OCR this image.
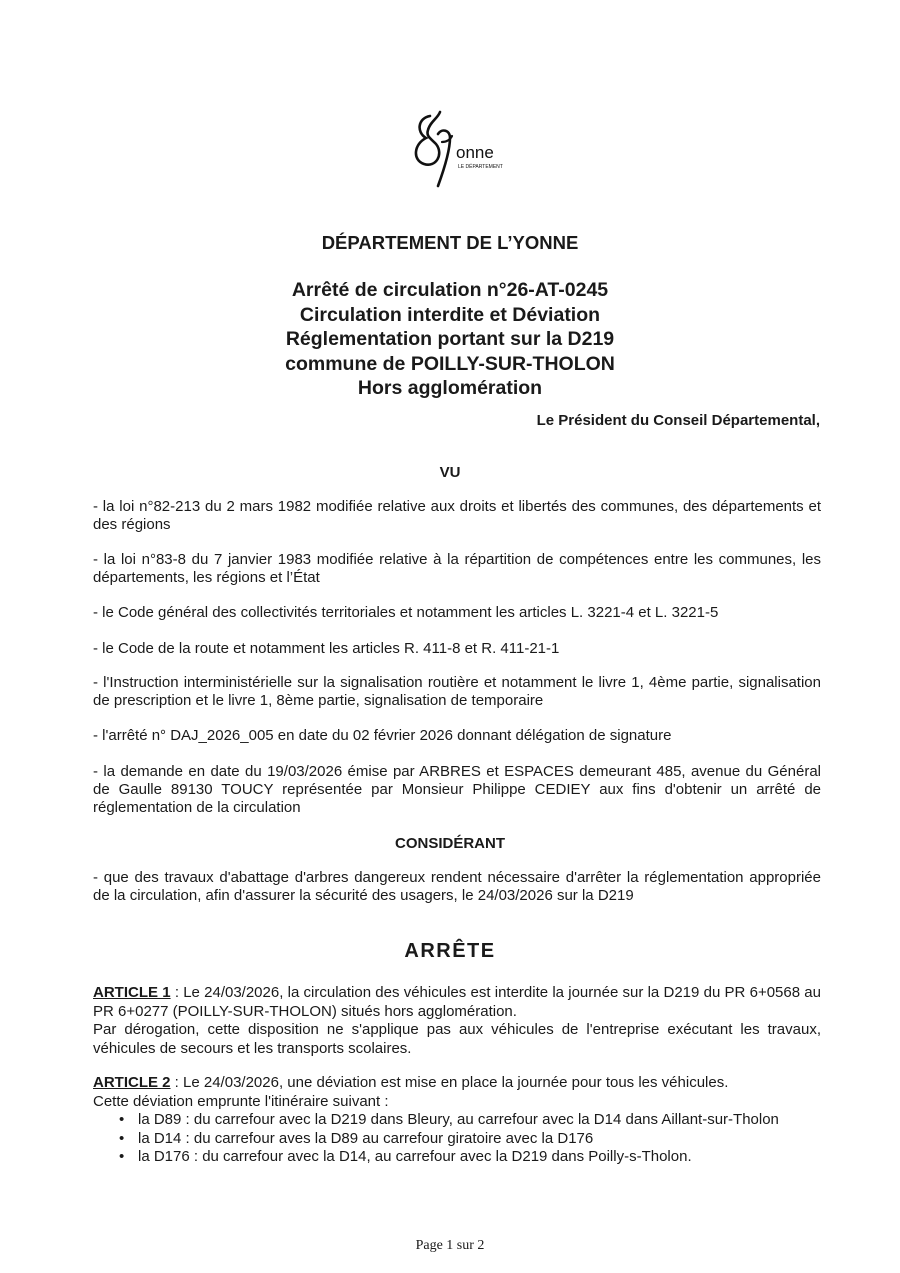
onne
LE DÉPARTEMENT
DÉPARTEMENT DE L’YONNE
Arrêté de circulation n°26-AT-0245
Circulation interdite et Déviation
Réglementation portant sur la D219
commune de POILLY-SUR-THOLON
Hors agglomération
Le Président du Conseil Départemental,
VU
- la loi n°82-213 du 2 mars 1982 modifiée relative aux droits et libertés des communes, des départements et des régions
- la loi n°83-8 du 7 janvier 1983 modifiée relative à la répartition de compétences entre les communes, les départements, les régions et l’État
- le Code général des collectivités territoriales et notamment les articles L. 3221-4 et L. 3221-5
- le Code de la route et notamment les articles R. 411-8 et R. 411-21-1
- l'Instruction interministérielle sur la signalisation routière et notamment le livre 1, 4ème partie, signalisation de prescription et le livre 1, 8ème partie, signalisation de temporaire
- l'arrêté n° DAJ_2026_005 en date du 02 février 2026 donnant délégation de signature
- la demande en date du 19/03/2026 émise par ARBRES et ESPACES demeurant 485, avenue du Général de Gaulle 89130 TOUCY représentée par Monsieur Philippe CEDIEY aux fins d'obtenir un arrêté de réglementation de la circulation
CONSIDÉRANT
- que des travaux d'abattage d'arbres dangereux rendent nécessaire d'arrêter la réglementation appropriée de la circulation, afin d'assurer la sécurité des usagers, le 24/03/2026 sur la D219
ARRÊTE
ARTICLE 1 : Le 24/03/2026, la circulation des véhicules est interdite la journée sur la D219 du PR 6+0568 au PR 6+0277 (POILLY-SUR-THOLON) situés hors agglomération.
Par dérogation, cette disposition ne s'applique pas aux véhicules de l'entreprise exécutant les travaux, véhicules de secours et les transports scolaires.
ARTICLE 2 : Le 24/03/2026, une déviation est mise en place la journée pour tous les véhicules.
Cette déviation emprunte l'itinéraire suivant :
• la D89 : du carrefour avec la D219 dans Bleury, au carrefour avec la D14 dans Aillant-sur-Tholon
• la D14 : du carrefour aves la D89 au carrefour giratoire avec la D176
• la D176 : du carrefour avec la D14, au carrefour avec la D219 dans Poilly-s-Tholon.
Page 1 sur 2
